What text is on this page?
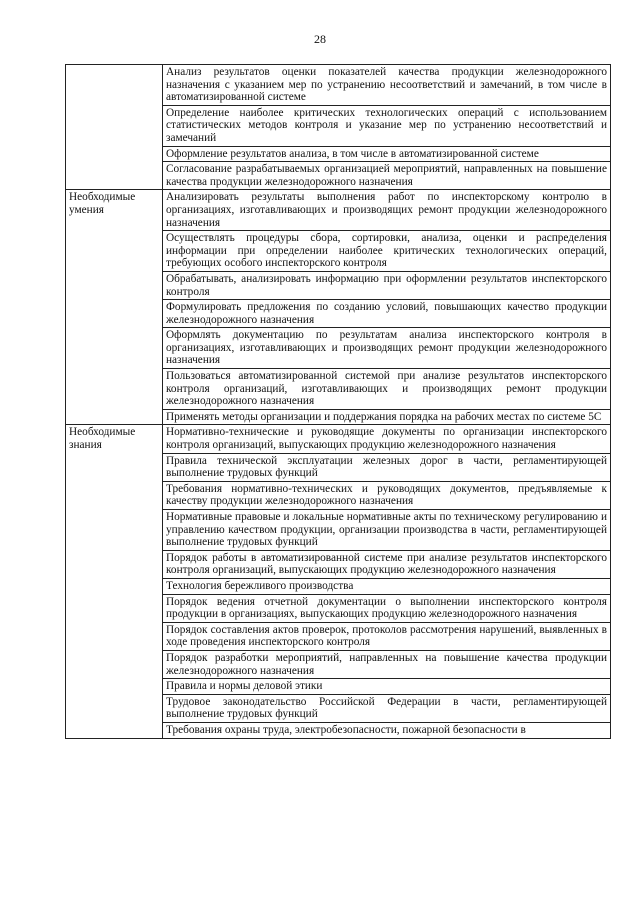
28
	Анализ результатов оценки показателей качества продукции железнодорожного назначения с указанием мер по устранению несоответствий и замечаний, в том числе в автоматизированной системе
	Определение наиболее критических технологических операций с использованием статистических методов контроля и указание мер по устранению несоответствий и замечаний
	Оформление результатов анализа, в том числе в автоматизированной системе
	Согласование разрабатываемых организацией мероприятий, направленных на повышение качества продукции железнодорожного назначения
Необходимые умения	Анализировать результаты выполнения работ по инспекторскому контролю в организациях, изготавливающих и производящих ремонт продукции железнодорожного назначения
	Осуществлять процедуры сбора, сортировки, анализа, оценки и распределения информации при определении наиболее критических технологических операций, требующих особого инспекторского контроля
	Обрабатывать, анализировать информацию при оформлении результатов инспекторского контроля
	Формулировать предложения по созданию условий, повышающих качество продукции железнодорожного назначения
	Оформлять документацию по результатам анализа инспекторского контроля в организациях, изготавливающих и производящих ремонт продукции железнодорожного назначения
	Пользоваться автоматизированной системой при анализе результатов инспекторского контроля организаций, изготавливающих и производящих ремонт продукции железнодорожного назначения
	Применять методы организации и поддержания порядка на рабочих местах по системе 5С
Необходимые знания	Нормативно-технические и руководящие документы по организации инспекторского контроля организаций, выпускающих продукцию железнодорожного назначения
	Правила технической эксплуатации железных дорог в части, регламентирующей выполнение трудовых функций
	Требования нормативно-технических и руководящих документов, предъявляемые к качеству продукции железнодорожного назначения
	Нормативные правовые и локальные нормативные акты по техническому регулированию и управлению качеством продукции, организации производства в части, регламентирующей выполнение трудовых функций
	Порядок работы в автоматизированной системе при анализе результатов инспекторского контроля организаций, выпускающих продукцию железнодорожного назначения
	Технология бережливого производства
	Порядок ведения отчетной документации о выполнении инспекторского контроля продукции в организациях, выпускающих продукцию железнодорожного назначения
	Порядок составления актов проверок, протоколов рассмотрения нарушений, выявленных в ходе проведения инспекторского контроля
	Порядок разработки мероприятий, направленных на повышение качества продукции железнодорожного назначения
	Правила и нормы деловой этики
	Трудовое законодательство Российской Федерации в части, регламентирующей выполнение трудовых функций
	Требования охраны труда, электробезопасности, пожарной безопасности в
